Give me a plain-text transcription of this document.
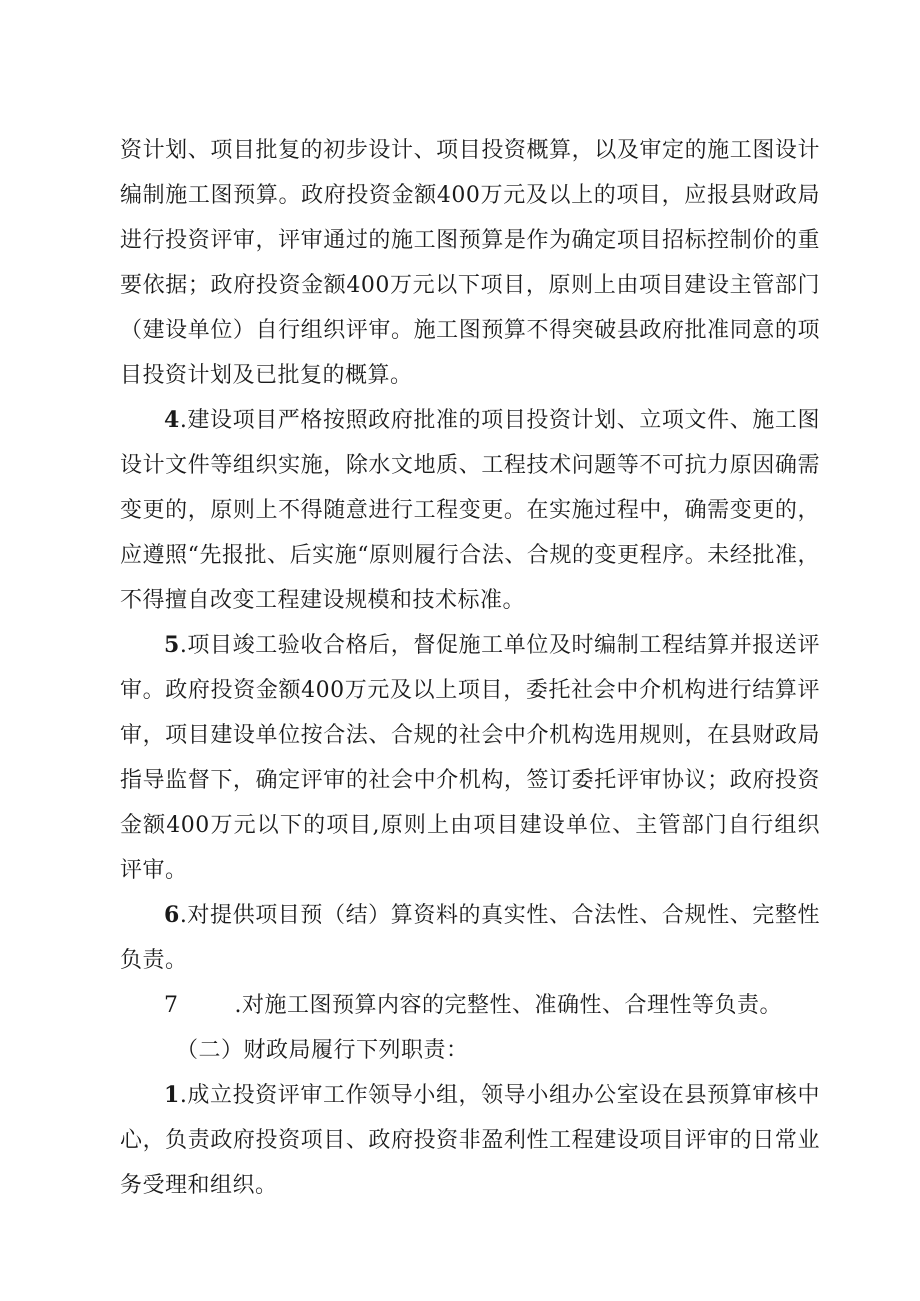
资计划、项目批复的初步设计、项目投资概算，以及审定的施工图设计编制施工图预算。政府投资金额400万元及以上的项目，应报县财政局进行投资评审，评审通过的施工图预算是作为确定项目招标控制价的重要依据；政府投资金额400万元以下项目，原则上由项目建设主管部门（建设单位）自行组织评审。施工图预算不得突破县政府批准同意的项目投资计划及已批复的概算。

4.建设项目严格按照政府批准的项目投资计划、立项文件、施工图设计文件等组织实施，除水文地质、工程技术问题等不可抗力原因确需变更的，原则上不得随意进行工程变更。在实施过程中，确需变更的，应遵照“先报批、后实施“原则履行合法、合规的变更程序。未经批准，不得擅自改变工程建设规模和技术标准。

5.项目竣工验收合格后，督促施工单位及时编制工程结算并报送评审。政府投资金额400万元及以上项目，委托社会中介机构进行结算评审，项目建设单位按合法、合规的社会中介机构选用规则，在县财政局指导监督下，确定评审的社会中介机构，签订委托评审协议；政府投资金额400万元以下的项目,原则上由项目建设单位、主管部门自行组织评审。

6.对提供项目预（结）算资料的真实性、合法性、合规性、完整性负责。

7	.对施工图预算内容的完整性、准确性、合理性等负责。

（二）财政局履行下列职责：

1.成立投资评审工作领导小组，领导小组办公室设在县预算审核中心，负责政府投资项目、政府投资非盈利性工程建设项目评审的日常业务受理和组织。
